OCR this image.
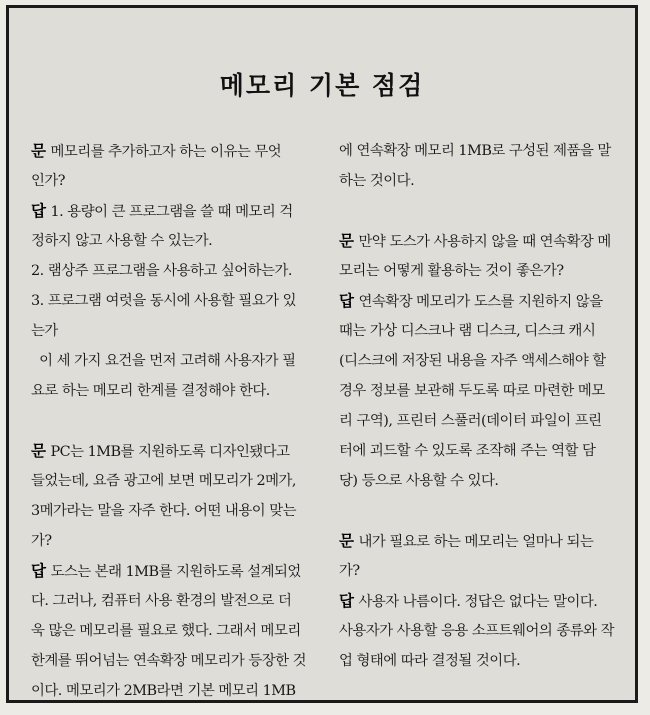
메모리 기본 점검
문 메모리를 추가하고자 하는 이유는 무엇
인가?
답 1. 용량이 큰 프로그램을 쓸 때 메모리 걱
정하지 않고 사용할 수 있는가.
2. 램상주 프로그램을 사용하고 싶어하는가.
3. 프로그램 여럿을 동시에 사용할 필요가 있
는가
이 세 가지 요건을 먼저 고려해 사용자가 필
요로 하는 메모리 한계를 결정해야 한다.
문 PC는 1MB를 지원하도록 디자인됐다고
들었는데, 요즘 광고에 보면 메모리가 2메가,
3메가라는 말을 자주 한다. 어떤 내용이 맞는
가?
답 도스는 본래 1MB를 지원하도록 설계되었
다. 그러나, 컴퓨터 사용 환경의 발전으로 더
욱 많은 메모리를 필요로 했다. 그래서 메모리
한계를 뛰어넘는 연속확장 메모리가 등장한 것
이다. 메모리가 2MB라면 기본 메모리 1MB
에 연속확장 메모리 1MB로 구성된 제품을 말
하는 것이다.
문 만약 도스가 사용하지 않을 때 연속확장 메
모리는 어떻게 활용하는 것이 좋은가?
답 연속확장 메모리가 도스를 지원하지 않을
때는 가상 디스크나 램 디스크, 디스크 캐시
(디스크에 저장된 내용을 자주 액세스해야 할
경우 정보를 보관해 두도록 따로 마련한 메모
리 구역), 프린터 스풀러(데이터 파일이 프린
터에 괴드할 수 있도록 조작해 주는 역할 담
당) 등으로 사용할 수 있다.
문 내가 필요로 하는 메모리는 얼마나 되는
가?
답 사용자 나름이다. 정답은 없다는 말이다.
사용자가 사용할 응용 소프트웨어의 종류와 작
업 형태에 따라 결정될 것이다.
